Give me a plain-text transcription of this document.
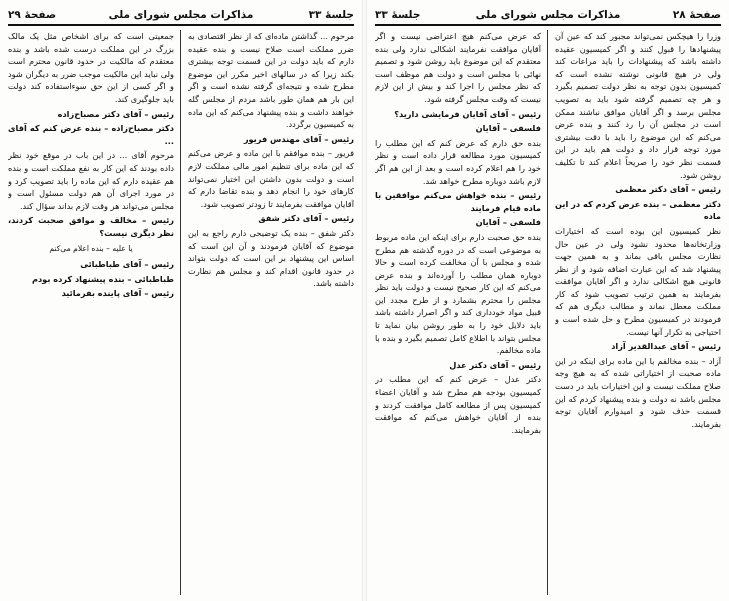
جلسهٔ ۳۳
مذاکرات مجلس شورای ملی
صفحهٔ ۲۹

مرحوم ... گذاشتن ماده‌ای که از نظر اقتصادی به ضرر مملکت است صلاح نیست و بنده عقیده دارم که باید دولت در این قسمت توجه بیشتری بکند زیرا که در سالهای اخیر مکرر این موضوع مطرح شده و نتیجه‌ای گرفته نشده است و اگر این بار هم همان طور باشد مردم از مجلس گله خواهند داشت و بنده پیشنهاد می‌کنم که این ماده به کمیسیون برگردد.

رئیس – آقای مهندس فریور

فریور – بنده موافقم با این ماده و عرض می‌کنم که این ماده برای تنظیم امور مالی مملکت لازم است و دولت بدون داشتن این اختیار نمی‌تواند کارهای خود را انجام دهد و بنده تقاضا دارم که آقایان موافقت بفرمایند تا زودتر تصویب شود.

رئیس – آقای دکتر شفق

دکتر شفق – بنده یک توضیحی دارم راجع به این موضوع که آقایان فرمودند و آن این است که اساس این پیشنهاد بر این است که دولت بتواند در حدود قانون اقدام کند و مجلس هم نظارت داشته باشد.

جمعیتی است که برای اشخاص مثل یک مالک بزرگ در این مملکت درست شده باشد و بنده معتقدم که مالکیت در حدود قانون محترم است ولی نباید این مالکیت موجب ضرر به دیگران شود و اگر کسی از این حق سوءاستفاده کند دولت باید جلوگیری کند.

رئیس – آقای دکتر مصباح‌زاده

دکتر مصباح‌زاده – بنده عرض کنم که آقای ...

مرحوم آقای ... در این باب در موقع خود نظر داده بودند که این کار به نفع مملکت است و بنده هم عقیده دارم که این ماده را باید تصویب کرد و در مورد اجرای آن هم دولت مسئول است و مجلس می‌تواند هر وقت لازم بداند سؤال کند.

رئیس – مخالف و موافق صحبت کردند، نظر دیگری نیست؟

یا علیه – بنده اعلام می‌کنم

رئیس – آقای طباطبائی

طباطبائی – بنده پیشنهاد کرده بودم

رئیس – آقای پاینده بفرمائید

صفحهٔ ۲۸
مذاکرات مجلس شورای ملی
جلسهٔ ۳۳

وزرا را هیچکس نمی‌تواند مجبور کند که عین آن پیشنهادها را قبول کنند و اگر کمیسیون عقیده داشته باشد که پیشنهادات را باید مراعات کند ولی در هیچ قانونی نوشته نشده است که کمیسیون بدون توجه به نظر دولت تصمیم بگیرد و هر چه تصمیم گرفته شود باید به تصویب مجلس برسد و اگر آقایان موافق نباشند ممکن است در مجلس آن را رد کنند و بنده عرض می‌کنم که این موضوع را باید با دقت بیشتری مورد توجه قرار داد و دولت هم باید در این قسمت نظر خود را صریحاً اعلام کند تا تکلیف روشن شود.

رئیس – آقای دکتر معظمی

دکتر معظمی – بنده عرض کردم که در این ماده

نظر کمیسیون این بوده است که اختیارات وزارتخانه‌ها محدود نشود ولی در عین حال نظارت مجلس باقی بماند و به همین جهت پیشنهاد شد که این عبارت اضافه شود و از نظر قانونی هیچ اشکالی ندارد و اگر آقایان موافقت بفرمایند به همین ترتیب تصویب شود که کار مملکت معطل نماند و مطالب دیگری هم که فرمودند در کمیسیون مطرح و حل شده است و احتیاجی به تکرار آنها نیست.

رئیس – آقای عبدالقدیر آزاد

آزاد – بنده مخالفم با این ماده برای اینکه در این ماده صحبت از اختیاراتی شده که به هیچ وجه صلاح مملکت نیست و این اختیارات باید در دست مجلس باشد نه دولت و بنده پیشنهاد کردم که این قسمت حذف شود و امیدوارم آقایان توجه بفرمایند.

که عرض می‌کنم هیچ اعتراضی نیست و اگر آقایان موافقت نفرمایند اشکالی ندارد ولی بنده معتقدم که این موضوع باید روشن شود و تصمیم نهائی با مجلس است و دولت هم موظف است که نظر مجلس را اجرا کند و بیش از این لازم نیست که وقت مجلس گرفته شود.

رئیس – آقای آقایان فرمایشی دارید؟

فلسفی – آقایان

بنده حق دارم که عرض کنم که این مطلب را کمیسیون مورد مطالعه قرار داده است و نظر خود را هم اعلام کرده است و بعد از این هم اگر لازم باشد دوباره مطرح خواهد شد.

رئیس – بنده خواهش می‌کنم موافقین با ماده قیام فرمایند

فلسفی – آقایان

بنده حق صحبت دارم برای اینکه این ماده مربوط به موضوعی است که در دوره گذشته هم مطرح شده و مجلس با آن مخالفت کرده است و حالا دوباره همان مطلب را آورده‌اند و بنده عرض می‌کنم که این کار صحیح نیست و دولت باید نظر مجلس را محترم بشمارد و از طرح مجدد این قبیل مواد خودداری کند و اگر اصرار داشته باشد باید دلایل خود را به طور روشن بیان نماید تا مجلس بتواند با اطلاع کامل تصمیم بگیرد و بنده با ماده مخالفم.

رئیس – آقای دکتر عدل

دکتر عدل – عرض کنم که این مطلب در کمیسیون بودجه هم مطرح شد و آقایان اعضاء کمیسیون پس از مطالعه کامل موافقت کردند و بنده از آقایان خواهش می‌کنم که موافقت بفرمایند.
